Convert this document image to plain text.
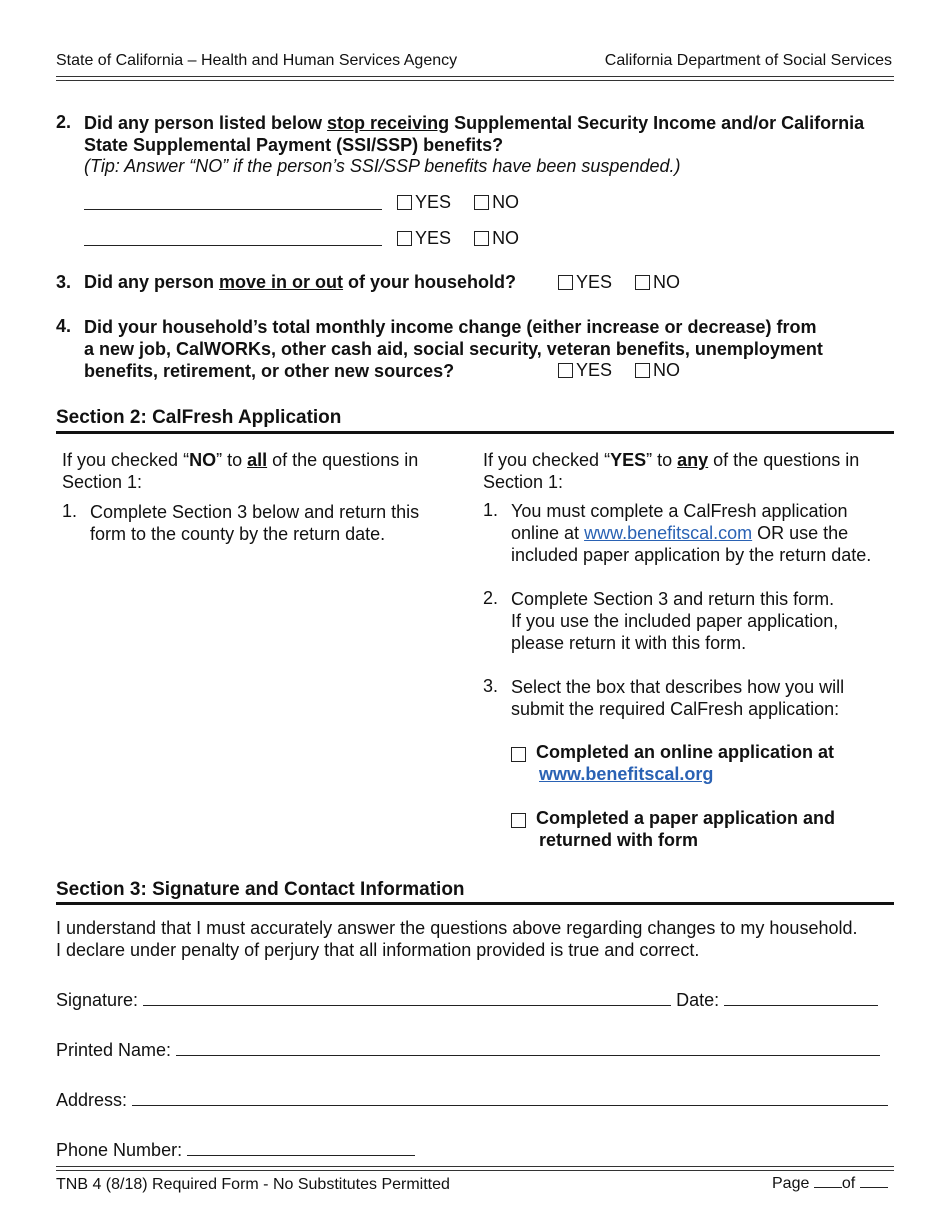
State of California – Health and Human Services Agency	California Department of Social Services
2. Did any person listed below stop receiving Supplemental Security Income and/or California
State Supplemental Payment (SSI/SSP) benefits?
(Tip: Answer “NO” if the person’s SSI/SSP benefits have been suspended.)

YES
NO

YES
NO
3. Did any person move in or out of your household?	YES
NO
4. Did your household’s total monthly income change (either increase or decrease) from
a new job, CalWORKs, other cash aid, social security, veteran benefits, unemployment
benefits, retirement, or other new sources?	YES
NO
Section 2: CalFresh Application
If you checked “NO” to all of the questions in
Section 1:
1. Complete Section 3 below and return this
form to the county by the return date.
If you checked “YES” to any of the questions in
Section 1:
1. You must complete a CalFresh application
online at www.benefitscal.com OR use the
included paper application by the return date.
2. Complete Section 3 and return this form.
If you use the included paper application,
please return it with this form.
3. Select the box that describes how you will
submit the required CalFresh application:
Completed an online application at
www.benefitscal.org
Completed a paper application and
returned with form
Section 3: Signature and Contact Information
I understand that I must accurately answer the questions above regarding changes to my household.
I declare under penalty of perjury that all information provided is true and correct.
Signature:	Date:
Printed Name:
Address:
Phone Number:
TNB 4 (8/18) Required Form - No Substitutes Permitted	Page of
